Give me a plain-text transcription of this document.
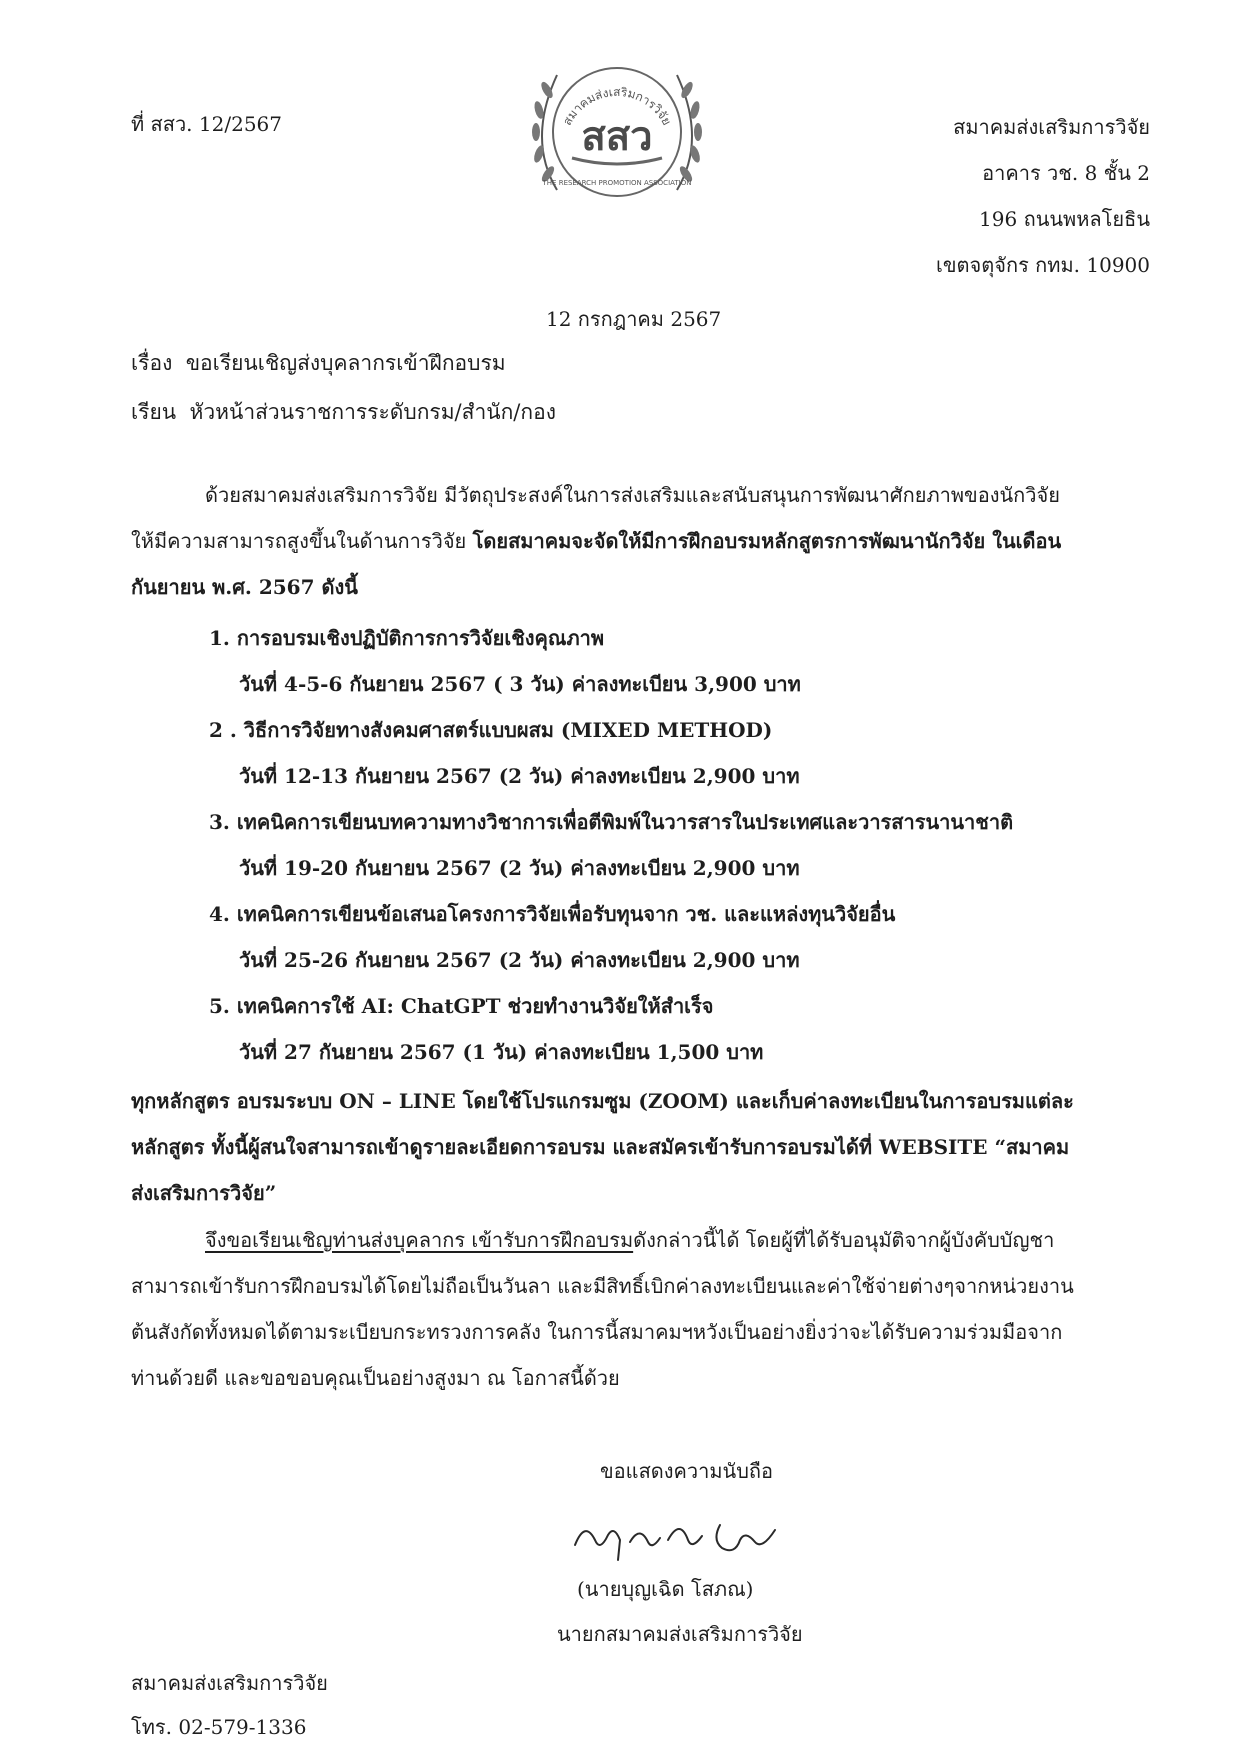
ที่ สสว. 12/2567	สมาคมส่งเสริมการวิจัย
สสว
THE RESEARCH PROMOTION ASSOCIATION
สมาคมส่งเสริมการวิจัย
อาคาร วช. 8 ชั้น 2
196 ถนนพหลโยธิน
เขตจตุจักร กทม. 10900
12 กรกฎาคม 2567
เรื่อง ขอเรียนเชิญส่งบุคลากรเข้าฝึกอบรม
เรียน หัวหน้าส่วนราชการระดับกรม/สำนัก/กอง
ด้วยสมาคมส่งเสริมการวิจัย มีวัตถุประสงค์ในการส่งเสริมและสนับสนุนการพัฒนาศักยภาพของนักวิจัย
ให้มีความสามารถสูงขึ้นในด้านการวิจัย โดยสมาคมจะจัดให้มีการฝึกอบรมหลักสูตรการพัฒนานักวิจัย ในเดือน
กันยายน พ.ศ. 2567 ดังนี้
1. การอบรมเชิงปฏิบัติการการวิจัยเชิงคุณภาพ
วันที่ 4-5-6 กันยายน 2567 ( 3 วัน) ค่าลงทะเบียน 3,900 บาท
2 . วิธีการวิจัยทางสังคมศาสตร์แบบผสม (MIXED METHOD)
วันที่ 12-13 กันยายน 2567 (2 วัน) ค่าลงทะเบียน 2,900 บาท
3. เทคนิคการเขียนบทความทางวิชาการเพื่อตีพิมพ์ในวารสารในประเทศและวารสารนานาชาติ
วันที่ 19-20 กันยายน 2567 (2 วัน) ค่าลงทะเบียน 2,900 บาท
4. เทคนิคการเขียนข้อเสนอโครงการวิจัยเพื่อรับทุนจาก วช. และแหล่งทุนวิจัยอื่น
วันที่ 25-26 กันยายน 2567 (2 วัน) ค่าลงทะเบียน 2,900 บาท
5. เทคนิคการใช้ AI: ChatGPT ช่วยทำงานวิจัยให้สำเร็จ
วันที่ 27 กันยายน 2567 (1 วัน) ค่าลงทะเบียน 1,500 บาท
ทุกหลักสูตร อบรมระบบ ON – LINE โดยใช้โปรแกรมซูม (ZOOM) และเก็บค่าลงทะเบียนในการอบรมแต่ละ
หลักสูตร ทั้งนี้ผู้สนใจสามารถเข้าดูรายละเอียดการอบรม และสมัครเข้ารับการอบรมได้ที่ WEBSITE “สมาคม
ส่งเสริมการวิจัย”
จึงขอเรียนเชิญท่านส่งบุคลากร เข้ารับการฝึกอบรมดังกล่าวนี้ได้ โดยผู้ที่ได้รับอนุมัติจากผู้บังคับบัญชา
สามารถเข้ารับการฝึกอบรมได้โดยไม่ถือเป็นวันลา และมีสิทธิ์เบิกค่าลงทะเบียนและค่าใช้จ่ายต่างๆจากหน่วยงาน
ต้นสังกัดทั้งหมดได้ตามระเบียบกระทรวงการคลัง ในการนี้สมาคมฯหวังเป็นอย่างยิ่งว่าจะได้รับความร่วมมือจาก
ท่านด้วยดี และขอขอบคุณเป็นอย่างสูงมา ณ โอกาสนี้ด้วย
ขอแสดงความนับถือ
(นายบุญเฉิด โสภณ)
นายกสมาคมส่งเสริมการวิจัย
สมาคมส่งเสริมการวิจัย
โทร. 02-579-1336
